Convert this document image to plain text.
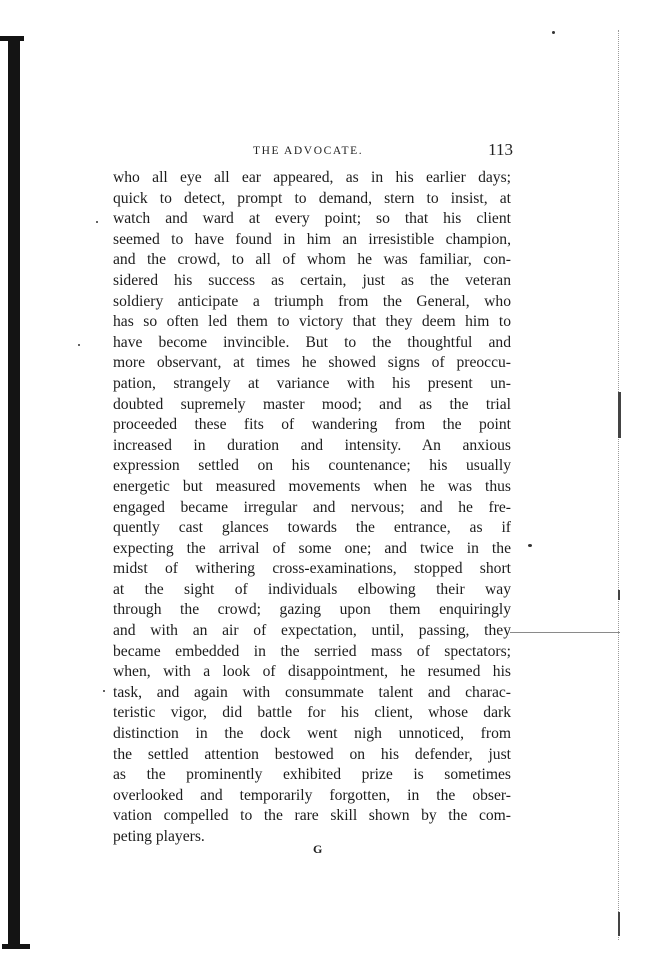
THE ADVOCATE.	113
who all eye all ear appeared, as in his earlier days;
quick to detect, prompt to demand, stern to insist, at
watch and ward at every point; so that his client
seemed to have found in him an irresistible champion,
and the crowd, to all of whom he was familiar, con-
sidered his success as certain, just as the veteran
soldiery anticipate a triumph from the General, who
has so often led them to victory that they deem him to
have become invincible. But to the thoughtful and
more observant, at times he showed signs of preoccu-
pation, strangely at variance with his present un-
doubted supremely master mood; and as the trial
proceeded these fits of wandering from the point
increased in duration and intensity. An anxious
expression settled on his countenance; his usually
energetic but measured movements when he was thus
engaged became irregular and nervous; and he fre-
quently cast glances towards the entrance, as if
expecting the arrival of some one; and twice in the
midst of withering cross-examinations, stopped short
at the sight of individuals elbowing their way
through the crowd; gazing upon them enquiringly
and with an air of expectation, until, passing, they
became embedded in the serried mass of spectators;
when, with a look of disappointment, he resumed his
task, and again with consummate talent and charac-
teristic vigor, did battle for his client, whose dark
distinction in the dock went nigh unnoticed, from
the settled attention bestowed on his defender, just
as the prominently exhibited prize is sometimes
overlooked and temporarily forgotten, in the obser-
vation compelled to the rare skill shown by the com-
peting players.
G
